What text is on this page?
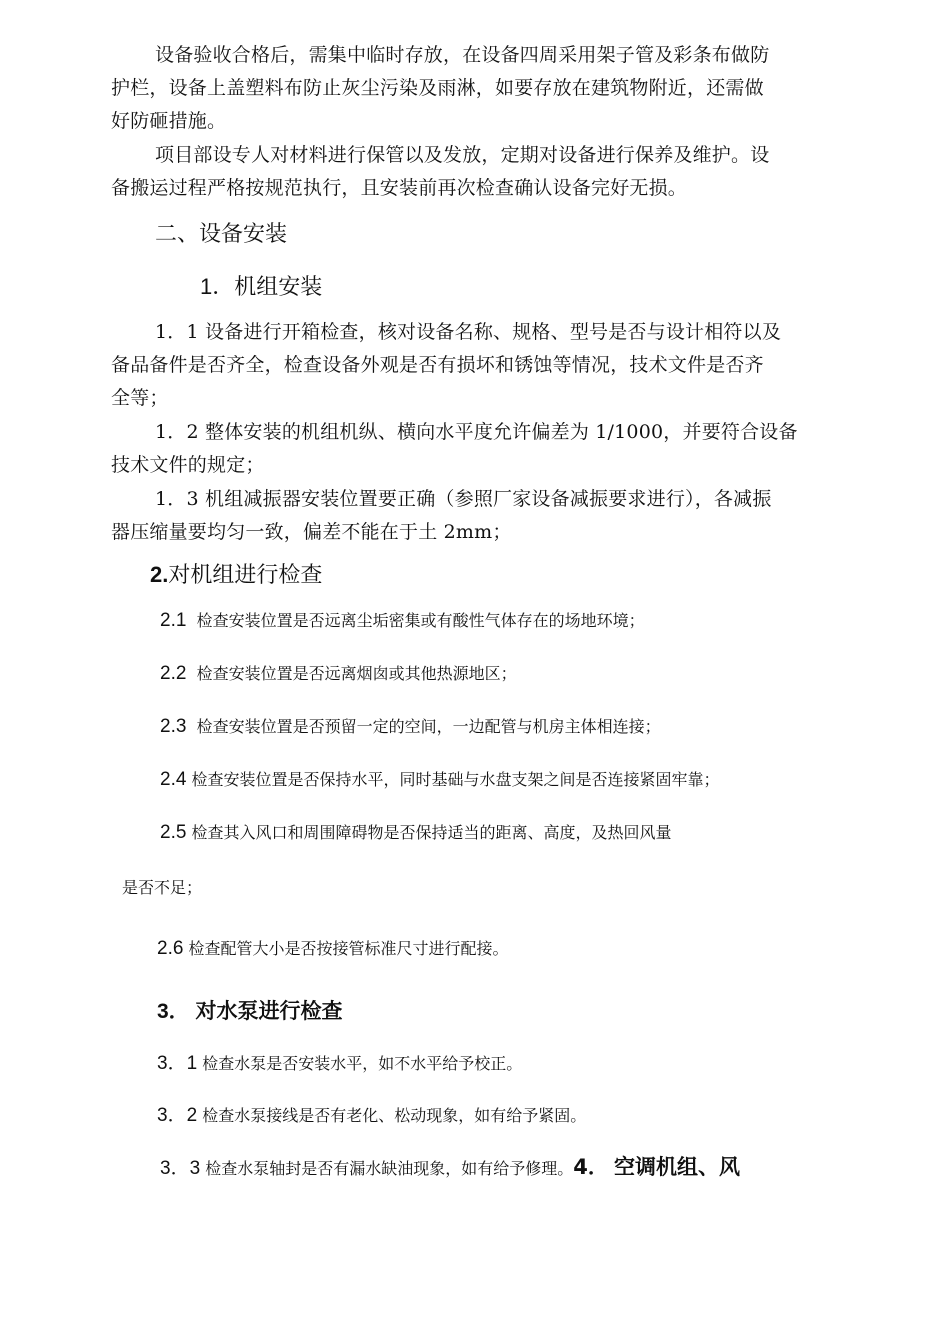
设备验收合格后，需集中临时存放，在设备四周采用架子管及彩条布做防

护栏，设备上盖塑料布防止灰尘污染及雨淋，如要存放在建筑物附近，还需做

好防砸措施。

项目部设专人对材料进行保管以及发放，定期对设备进行保养及维护。设

备搬运过程严格按规范执行，且安装前再次检查确认设备完好无损。

二、设备安装

1．机组安装

1．1 设备进行开箱检查，核对设备名称、规格、型号是否与设计相符以及

备品备件是否齐全，检查设备外观是否有损坏和锈蚀等情况，技术文件是否齐

全等；

1．2 整体安装的机组机纵、横向水平度允许偏差为 1/1000，并要符合设备

技术文件的规定；

1．3 机组减振器安装位置要正确（参照厂家设备减振要求进行），各减振

器压缩量要均匀一致，偏差不能在于土 2mm；

2.对机组进行检查

2.1 检查安装位置是否远离尘垢密集或有酸性气体存在的场地环境；

2.2 检查安装位置是否远离烟囱或其他热源地区；

2.3 检查安装位置是否预留一定的空间，一边配管与机房主体相连接；

2.4 检查安装位置是否保持水平，同时基础与水盘支架之间是否连接紧固牢靠；

2.5 检查其入风口和周围障碍物是否保持适当的距离、高度，及热回风量

是否不足；

2.6 检查配管大小是否按接管标准尺寸进行配接。

3． 对水泵进行检查

3．1 检查水泵是否安装水平，如不水平给予校正。

3．2 检查水泵接线是否有老化、松动现象，如有给予紧固。

3．3 检查水泵轴封是否有漏水缺油现象，如有给予修理。4． 空调机组、风
